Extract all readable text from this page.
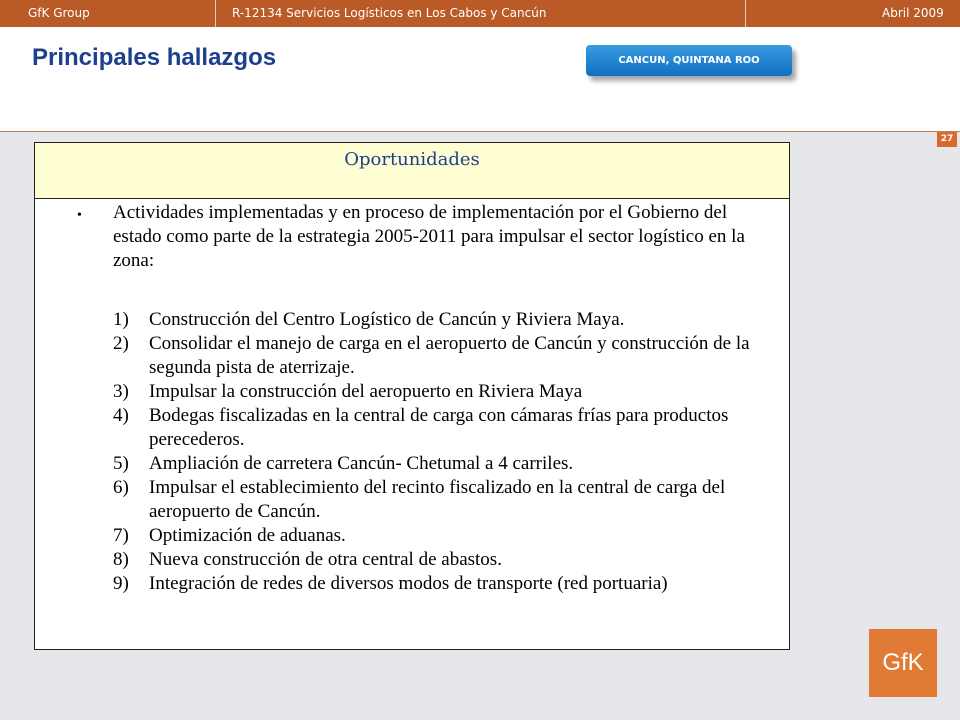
GfK Group	R-12134 Servicios Logísticos en Los Cabos y Cancún	Abril 2009
Principales hallazgos	CANCUN, QUINTANA ROO
27
Oportunidades
• Actividades implementadas y en proceso de implementación por el Gobierno del estado como parte de la estrategia 2005-2011 para impulsar el sector logístico en la zona:
1) Construcción del Centro Logístico de Cancún y Riviera Maya.
2) Consolidar el manejo de carga en el aeropuerto de Cancún y construcción de la segunda pista de aterrizaje.
3) Impulsar la construcción del aeropuerto en Riviera Maya
4) Bodegas fiscalizadas en la central de carga con cámaras frías para productos perecederos.
5) Ampliación de carretera Cancún- Chetumal a 4 carriles.
6) Impulsar el establecimiento del recinto fiscalizado en la central de carga del aeropuerto de Cancún.
7) Optimización de aduanas.
8) Nueva construcción de otra central de abastos.
9) Integración de redes de diversos modos de transporte (red portuaria)
GfK
